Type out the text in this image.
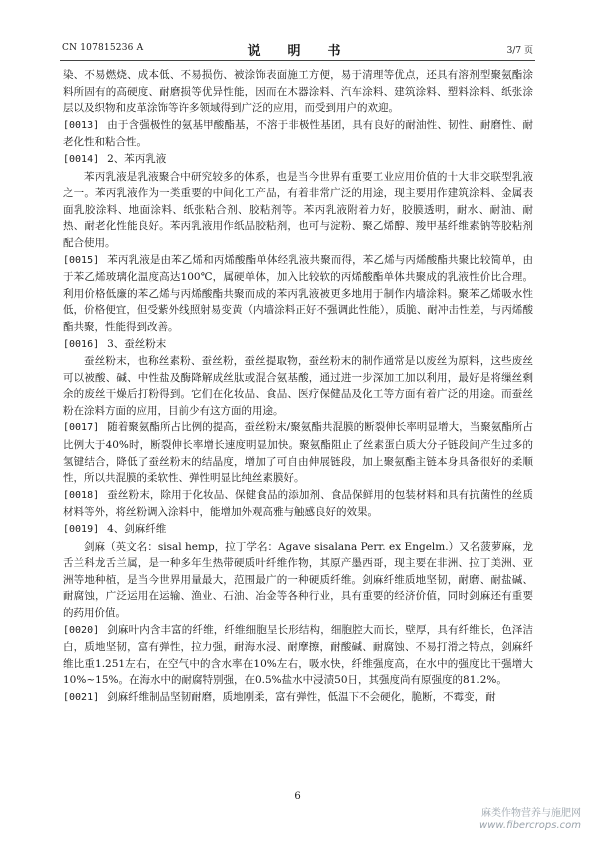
CN 107815236 A	说　明　书	3/7 页

染、不易燃烧、成本低、不易损伤、被涂饰表面施工方便，易于清理等优点，还具有溶剂型聚氨酯涂料所固有的高硬度、耐磨损等优异性能，因而在木器涂料、汽车涂料、建筑涂料、塑料涂料、纸张涂层以及织物和皮革涂饰等许多领域得到广泛的应用，而受到用户的欢迎。

[0013] 由于含强极性的氨基甲酸酯基，不溶于非极性基团，具有良好的耐油性、韧性、耐磨性、耐老化性和粘合性。

[0014] 2、苯丙乳液

苯丙乳液是乳液聚合中研究较多的体系，也是当今世界有重要工业应用价值的十大非交联型乳液之一。苯丙乳液作为一类重要的中间化工产品，有着非常广泛的用途，现主要用作建筑涂料、金属表面乳胶涂料、地面涂料、纸张粘合剂、胶粘剂等。苯丙乳液附着力好，胶膜透明，耐水、耐油、耐热、耐老化性能良好。苯丙乳液用作纸品胶粘剂，也可与淀粉、聚乙烯醇、羧甲基纤维素钠等胶粘剂配合使用。

[0015] 苯丙乳液是由苯乙烯和丙烯酸酯单体经乳液共聚而得，苯乙烯与丙烯酸酯共聚比较简单，由于苯乙烯玻璃化温度高达100℃，属硬单体，加入比较软的丙烯酸酯单体共聚成的乳液性价比合理。利用价格低廉的苯乙烯与丙烯酸酯共聚而成的苯丙乳液被更多地用于制作内墙涂料。聚苯乙烯吸水性低，价格便宜，但受紫外线照射易变黄（内墙涂料正好不强调此性能），质脆、耐冲击性差，与丙烯酸酯共聚，性能得到改善。

[0016] 3、蚕丝粉末

蚕丝粉末，也称丝素粉、蚕丝粉，蚕丝提取物，蚕丝粉末的制作通常是以废丝为原料，这些废丝可以被酸、碱、中性盐及酶降解成丝肽或混合氨基酸，通过进一步深加工加以利用，最好是将缫丝剩余的废丝干燥后打粉得到。它们在化妆品、食品、医疗保健品及化工等方面有着广泛的用途。而蚕丝粉在涂料方面的应用，目前少有这方面的用途。

[0017] 随着聚氨酯所占比例的提高，蚕丝粉末/聚氨酯共混膜的断裂伸长率明显增大，当聚氨酯所占比例大于40%时，断裂伸长率增长速度明显加快。聚氨酯阻止了丝素蛋白质大分子链段间产生过多的氢键结合，降低了蚕丝粉末的结晶度，增加了可自由伸展链段，加上聚氨酯主链本身具备很好的柔顺性，所以共混膜的柔软性、弹性明显比纯丝素膜好。

[0018] 蚕丝粉末，除用于化妆品、保健食品的添加剂、食品保鲜用的包装材料和具有抗菌性的丝质材料等外，将丝粉调入涂料中，能增加外观高雅与触感良好的效果。

[0019] 4、剑麻纤维

剑麻（英文名：sisal hemp，拉丁学名：Agave sisalana Perr. ex Engelm.）又名菠萝麻，龙舌兰科龙舌兰属，是一种多年生热带硬质叶纤维作物，其原产墨西哥，现主要在非洲、拉丁美洲、亚洲等地种植，是当今世界用量最大，范围最广的一种硬质纤维。剑麻纤维质地坚韧，耐磨、耐盐碱、耐腐蚀，广泛运用在运输、渔业、石油、冶金等各种行业，具有重要的经济价值，同时剑麻还有重要的药用价值。

[0020] 剑麻叶内含丰富的纤维，纤维细胞呈长形结构，细胞腔大而长，壁厚，具有纤维长，色泽洁白，质地坚韧，富有弹性，拉力强，耐海水浸、耐摩擦，耐酸碱、耐腐蚀、不易打滑之特点，剑麻纤维比重1.251左右，在空气中的含水率在10%左右，吸水快，纤维强度高，在水中的强度比干强增大10%~15%。在海水中的耐腐特别强，在0.5%盐水中浸渍50日，其强度尚有原强度的81.2%。

[0021] 剑麻纤维制品坚韧耐磨，质地刚柔，富有弹性，低温下不会硬化，脆断，不霉变，耐

6
麻类作物营养与施肥网
www.fibercrops.com
